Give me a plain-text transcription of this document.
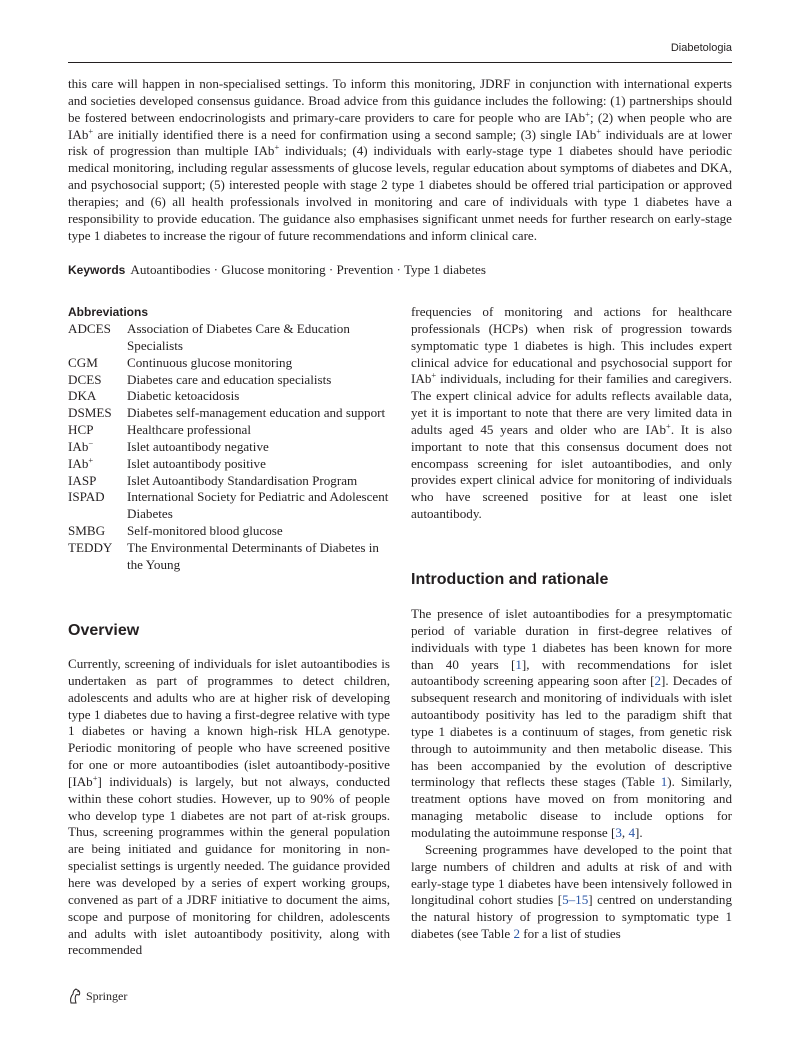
Diabetologia
this care will happen in non-specialised settings. To inform this monitoring, JDRF in conjunction with international experts and societies developed consensus guidance. Broad advice from this guidance includes the following: (1) partnerships should be fostered between endocrinologists and primary-care providers to care for people who are IAb+; (2) when people who are IAb+ are initially identified there is a need for confirmation using a second sample; (3) single IAb+ individuals are at lower risk of progression than multiple IAb+ individuals; (4) individuals with early-stage type 1 diabetes should have periodic medical monitoring, including regular assessments of glucose levels, regular education about symptoms of diabetes and DKA, and psychosocial support; (5) interested people with stage 2 type 1 diabetes should be offered trial participation or approved therapies; and (6) all health professionals involved in monitoring and care of individuals with type 1 diabetes have a responsibility to provide education. The guidance also emphasises significant unmet needs for further research on early-stage type 1 diabetes to increase the rigour of future recommendations and inform clinical care.
Keywords Autoantibodies · Glucose monitoring · Prevention · Type 1 diabetes
Abbreviations
ADCES	Association of Diabetes Care & Education Specialists
CGM	Continuous glucose monitoring
DCES	Diabetes care and education specialists
DKA	Diabetic ketoacidosis
DSMES	Diabetes self-management education and support
HCP	Healthcare professional
IAb−	Islet autoantibody negative
IAb+	Islet autoantibody positive
IASP	Islet Autoantibody Standardisation Program
ISPAD	International Society for Pediatric and Adolescent Diabetes
SMBG	Self-monitored blood glucose
TEDDY	The Environmental Determinants of Diabetes in the Young
Overview

Currently, screening of individuals for islet autoantibodies is undertaken as part of programmes to detect children, adolescents and adults who are at higher risk of developing type 1 diabetes due to having a first-degree relative with type 1 diabetes or having a known high-risk HLA genotype. Periodic monitoring of people who have screened positive for one or more autoantibodies (islet autoantibody-positive [IAb+] individuals) is largely, but not always, conducted within these cohort studies. However, up to 90% of people who develop type 1 diabetes are not part of at-risk groups. Thus, screening programmes within the general population are being initiated and guidance for monitoring in non-specialist settings is urgently needed. The guidance provided here was developed by a series of expert working groups, convened as part of a JDRF initiative to document the aims, scope and purpose of monitoring for children, adolescents and adults with islet autoantibody positivity, along with recommended

frequencies of monitoring and actions for healthcare professionals (HCPs) when risk of progression towards symptomatic type 1 diabetes is high. This includes expert clinical advice for educational and psychosocial support for IAb+ individuals, including for their families and caregivers. The expert clinical advice for adults reflects available data, yet it is important to note that there are very limited data in adults aged 45 years and older who are IAb+. It is also important to note that this consensus document does not encompass screening for islet autoantibodies, and only provides expert clinical advice for monitoring of individuals who have screened positive for at least one islet autoantibody.

Introduction and rationale

The presence of islet autoantibodies for a presymptomatic period of variable duration in first-degree relatives of individuals with type 1 diabetes has been known for more than 40 years [1], with recommendations for islet autoantibody screening appearing soon after [2]. Decades of subsequent research and monitoring of individuals with islet autoantibody positivity has led to the paradigm shift that type 1 diabetes is a continuum of stages, from genetic risk through to autoimmunity and then metabolic disease. This has been accompanied by the evolution of descriptive terminology that reflects these stages (Table 1). Similarly, treatment options have moved on from monitoring and managing metabolic disease to include options for modulating the autoimmune response [3, 4].

Screening programmes have developed to the point that large numbers of children and adults at risk of and with early-stage type 1 diabetes have been intensively followed in longitudinal cohort studies [5–15] centred on understanding the natural history of progression to symptomatic type 1 diabetes (see Table 2 for a list of studies

Springer
